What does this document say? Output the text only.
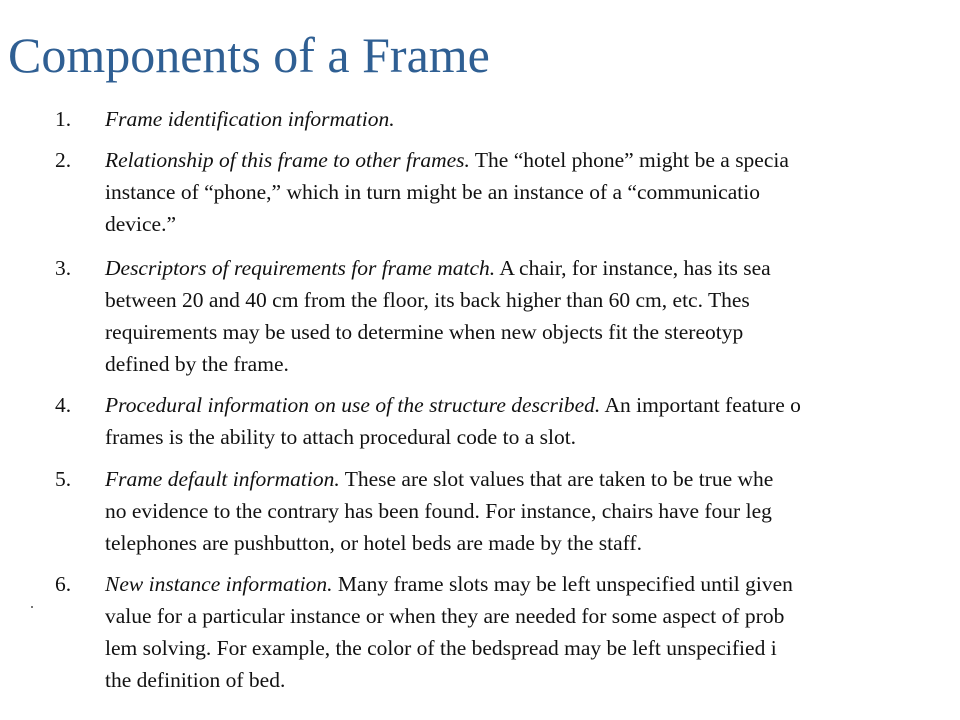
Components of a Frame
1.	Frame identification information.
2.	Relationship of this frame to other frames. The “hotel phone” might be a specia
instance of “phone,” which in turn might be an instance of a “communicatio
device.”
3.	Descriptors of requirements for frame match. A chair, for instance, has its sea
between 20 and 40 cm from the floor, its back higher than 60 cm, etc. Thes
requirements may be used to determine when new objects fit the stereotyp
defined by the frame.
4.	Procedural information on use of the structure described. An important feature o
frames is the ability to attach procedural code to a slot.
5.	Frame default information. These are slot values that are taken to be true whe
no evidence to the contrary has been found. For instance, chairs have four leg
telephones are pushbutton, or hotel beds are made by the staff.
6.	New instance information. Many frame slots may be left unspecified until given
value for a particular instance or when they are needed for some aspect of prob
lem solving. For example, the color of the bedspread may be left unspecified i
the definition of bed.
